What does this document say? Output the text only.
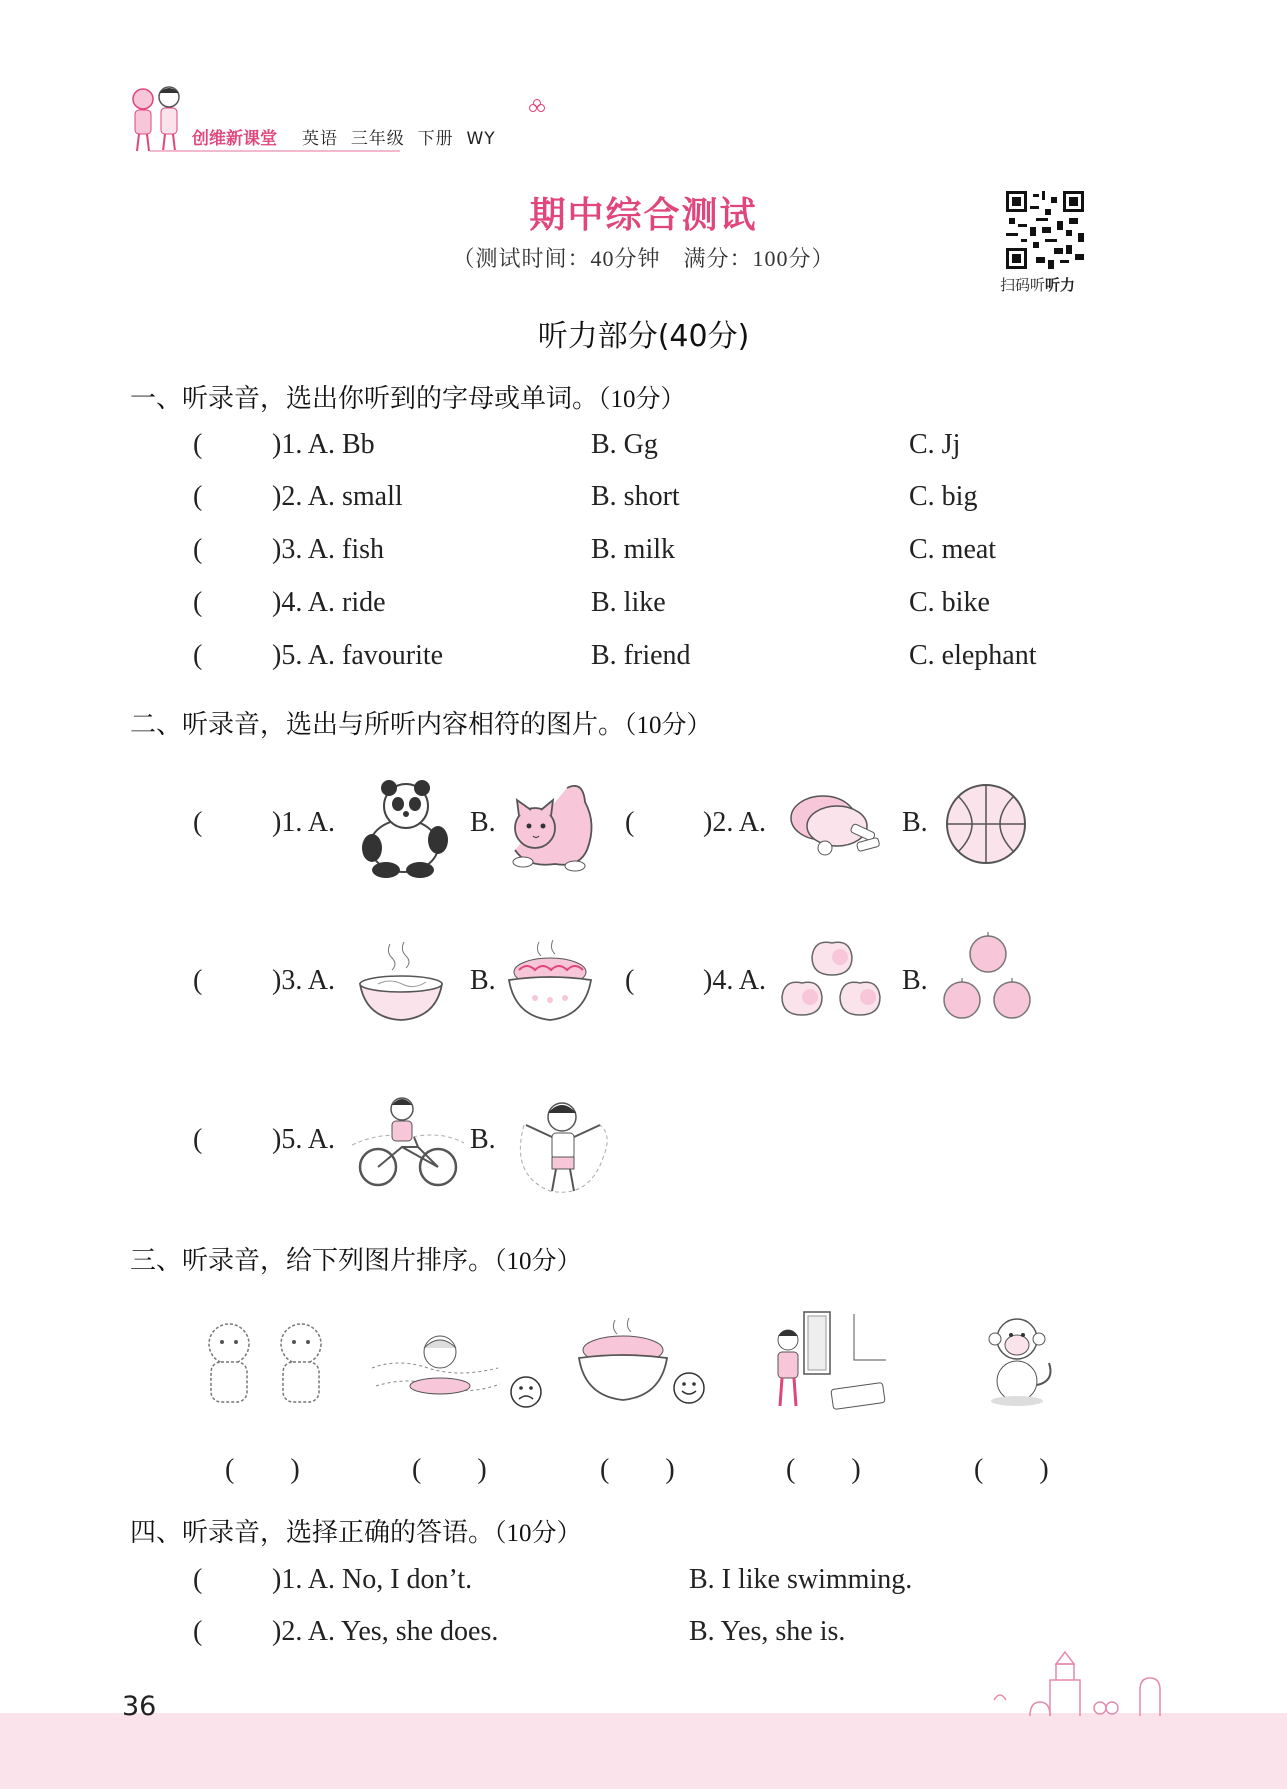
创维新课堂 英语 三年级 下册 WY
期中综合测试
（测试时间：40分钟　满分：100分）
扫码听听力
听力部分(40分)
一、听录音，选出你听到的字母或单词。（10分）
( )1. A. Bb	B. Gg	C. Jj
( )2. A. small	B. short	C. big
( )3. A. fish	B. milk	C. meat
( )4. A. ride	B. like	C. bike
( )5. A. favourite	B. friend	C. elephant
二、听录音，选出与所听内容相符的图片。（10分）
( )1. A.	B.	( )2. A.	B.
( )3. A.	B.	( )4. A.	B.
( )5. A.	B.
三、听录音，给下列图片排序。（10分）
(　　)	(　　)	(　　)	(　　)	(　　)
四、听录音，选择正确的答语。（10分）
( )1. A. No, I don’t.	B. I like swimming.
( )2. A. Yes, she does.	B. Yes, she is.
36
